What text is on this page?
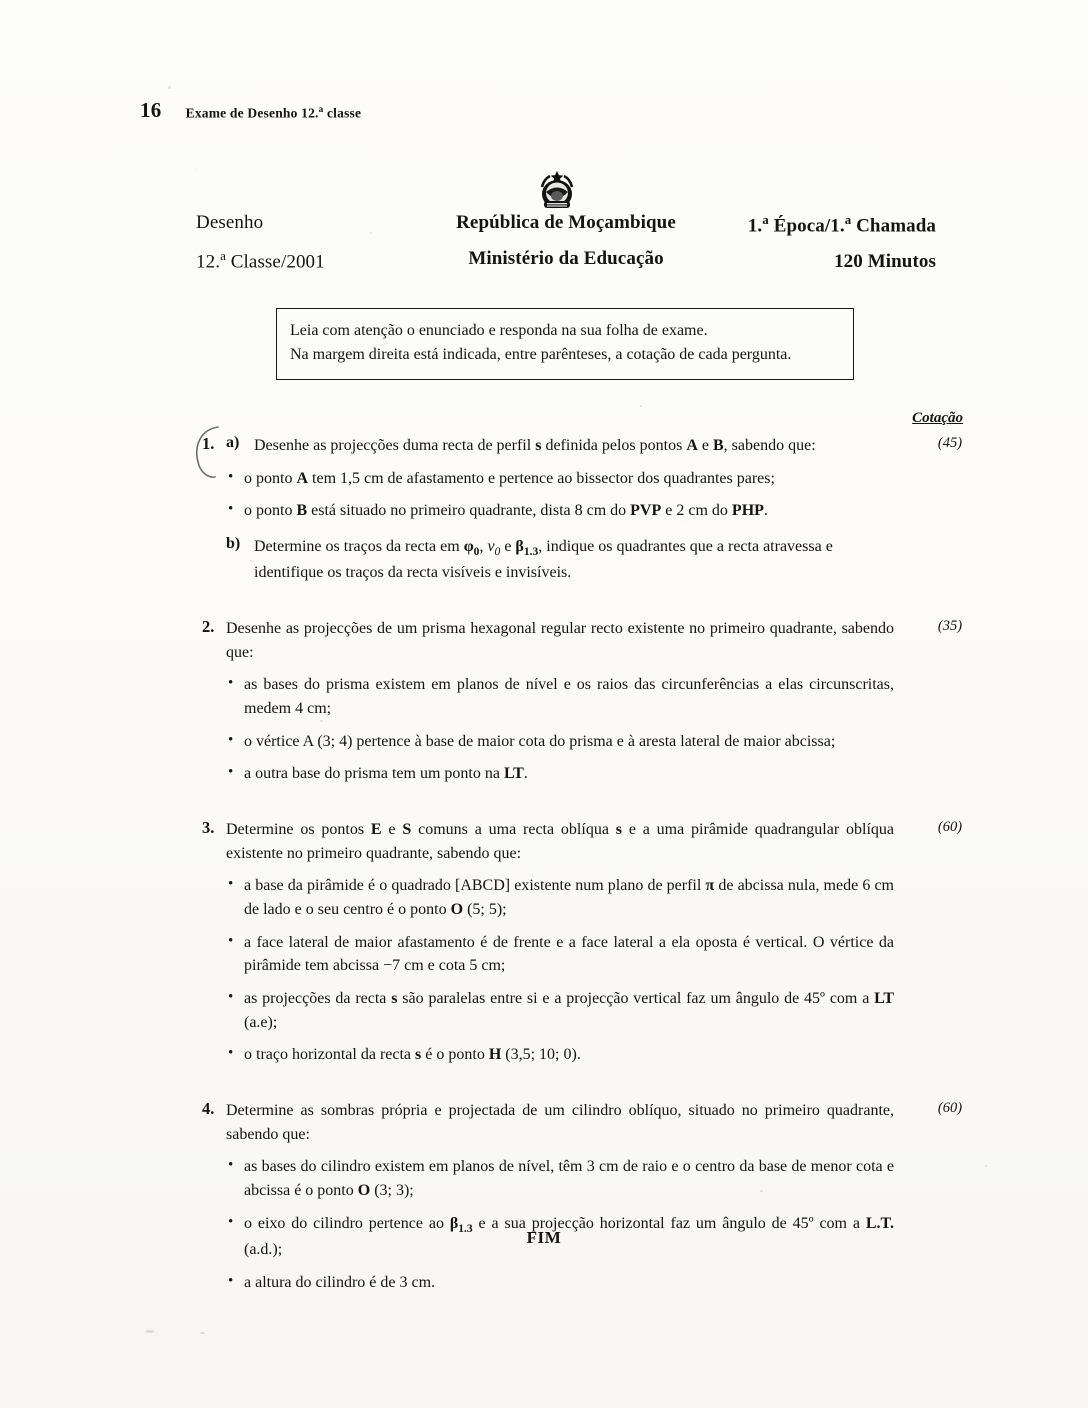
16 Exame de Desenho 12.$^a$ classe
Desenho
12.$^a$ Classe/2001
República de Moçambique
Ministério da Educação
1.$^a$ Época/1.$^a$ Chamada
120 Minutos
Leia com atenção o enunciado e responda na sua folha de exame.
Na margem direita está indicada, entre parênteses, a cotação de cada pergunta.
Cotação
(45)
1. a) Desenhe as projecções duma recta de perfil s definida pelos pontos A e B, sabendo que:
• o ponto A tem 1,5 cm de afastamento e pertence ao bissector dos quadrantes pares;
• o ponto B está situado no primeiro quadrante, dista 8 cm do PVP e 2 cm do PHP.
b) Determine os traços da recta em $\varphi_0$, $\nu_0$ e $\beta_{1.3}$, indique os quadrantes que a recta atravessa e
identifique os traços da recta visíveis e invisíveis.
(35)
2. Desenhe as projecções de um prisma hexagonal regular recto existente no primeiro quadrante, sabendo que:
• as bases do prisma existem em planos de nível e os raios das circunferências a elas circunscritas, medem 4 cm;
• o vértice A (3; 4) pertence à base de maior cota do prisma e à aresta lateral de maior abcissa;
• a outra base do prisma tem um ponto na LT.
(60)
3. Determine os pontos E e S comuns a uma recta oblíqua s e a uma pirâmide quadrangular oblíqua existente no primeiro quadrante, sabendo que:
• a base da pirâmide é o quadrado [ABCD] existente num plano de perfil π de abcissa nula, mede 6 cm de lado e o seu centro é o ponto O (5; 5);
• a face lateral de maior afastamento é de frente e a face lateral a ela oposta é vertical. O vértice da pirâmide tem abcissa −7 cm e cota 5 cm;
• as projecções da recta s são paralelas entre si e a projecção vertical faz um ângulo de 45º com a LT (a.e);
• o traço horizontal da recta s é o ponto H (3,5; 10; 0).
(60)
4. Determine as sombras própria e projectada de um cilindro oblíquo, situado no primeiro quadrante, sabendo que:
• as bases do cilindro existem em planos de nível, têm 3 cm de raio e o centro da base de menor cota e abcissa é o ponto O (3; 3);
• o eixo do cilindro pertence ao $\beta_{1.3}$ e a sua projecção horizontal faz um ângulo de 45º com a L.T. (a.d.);
• a altura do cilindro é de 3 cm.
FIM
